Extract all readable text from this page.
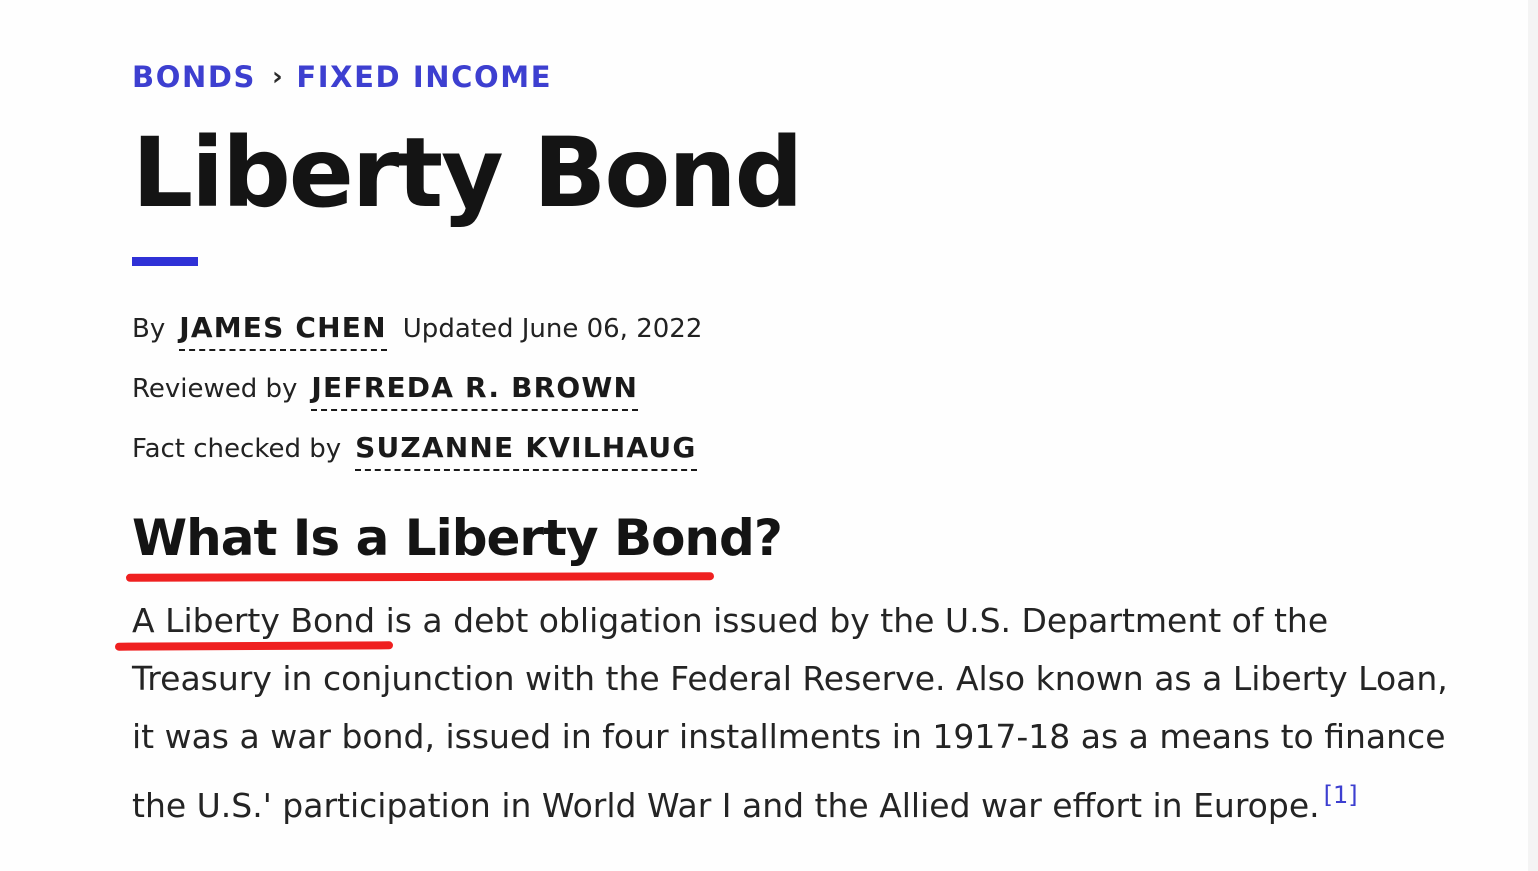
BONDS › FIXED INCOME
Liberty Bond
By JAMES CHEN Updated June 06, 2022
Reviewed by JEFREDA R. BROWN
Fact checked by SUZANNE KVILHAUG
What Is a Liberty Bond?

A Liberty Bond is a debt obligation issued by the U.S. Department of the
Treasury in conjunction with the Federal Reserve. Also known as a Liberty Loan,
it was a war bond, issued in four installments in 1917-18 as a means to finance
the U.S.' participation in World War I and the Allied war effort in Europe. [1]
